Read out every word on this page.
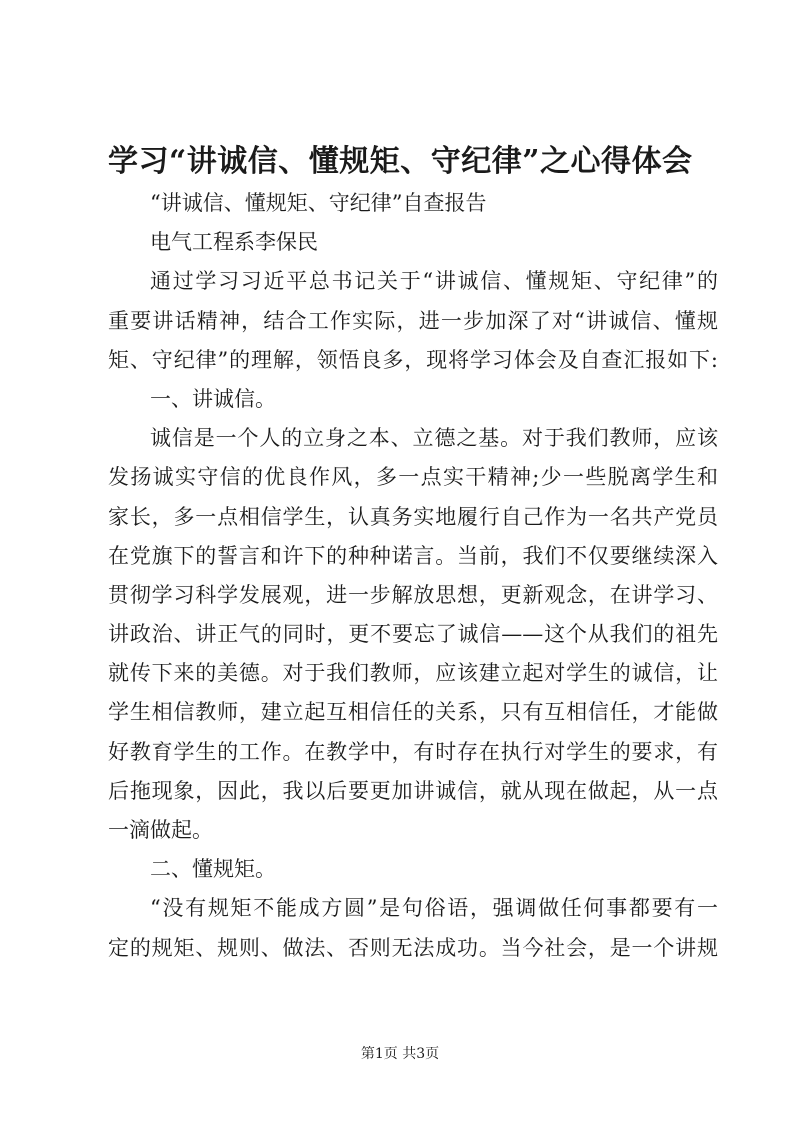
学习“讲诚信、懂规矩、守纪律”之心得体会
“讲诚信、懂规矩、守纪律”自查报告
电气工程系李保民
通过学习习近平总书记关于“讲诚信、懂规矩、守纪律”的
重要讲话精神，结合工作实际，进一步加深了对“讲诚信、懂规
矩、守纪律”的理解，领悟良多，现将学习体会及自查汇报如下:
一、讲诚信。
诚信是一个人的立身之本、立德之基。对于我们教师，应该
发扬诚实守信的优良作风，多一点实干精神;少一些脱离学生和
家长，多一点相信学生，认真务实地履行自己作为一名共产党员
在党旗下的誓言和许下的种种诺言。当前，我们不仅要继续深入
贯彻学习科学发展观，进一步解放思想，更新观念，在讲学习、
讲政治、讲正气的同时，更不要忘了诚信——这个从我们的祖先
就传下来的美德。对于我们教师，应该建立起对学生的诚信，让
学生相信教师，建立起互相信任的关系，只有互相信任，才能做
好教育学生的工作。在教学中，有时存在执行对学生的要求，有
后拖现象，因此，我以后要更加讲诚信，就从现在做起，从一点
一滴做起。
二、懂规矩。
“没有规矩不能成方圆”是句俗语，强调做任何事都要有一
定的规矩、规则、做法、否则无法成功。当今社会，是一个讲规
第1页 共3页
